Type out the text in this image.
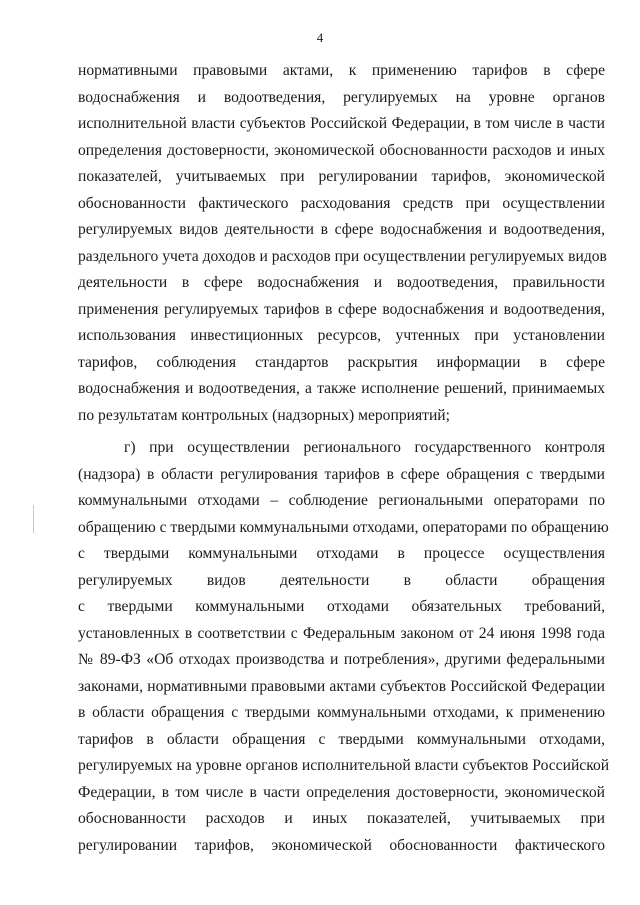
4
нормативными правовыми актами, к применению тарифов в сфере
водоснабжения и водоотведения, регулируемых на уровне органов
исполнительной власти субъектов Российской Федерации, в том числе в части
определения достоверности, экономической обоснованности расходов и иных
показателей, учитываемых при регулировании тарифов, экономической
обоснованности фактического расходования средств при осуществлении
регулируемых видов деятельности в сфере водоснабжения и водоотведения,
раздельного учета доходов и расходов при осуществлении регулируемых видов
деятельности в сфере водоснабжения и водоотведения, правильности
применения регулируемых тарифов в сфере водоснабжения и водоотведения,
использования инвестиционных ресурсов, учтенных при установлении
тарифов, соблюдения стандартов раскрытия информации в сфере
водоснабжения и водоотведения, а также исполнение решений, принимаемых
по результатам контрольных (надзорных) мероприятий;
г) при осуществлении регионального государственного контроля
(надзора) в области регулирования тарифов в сфере обращения с твердыми
коммунальными отходами – соблюдение региональными операторами по
обращению с твердыми коммунальными отходами, операторами по обращению
с твердыми коммунальными отходами в процессе осуществления
регулируемых видов деятельности в области обращения
с твердыми коммунальными отходами обязательных требований,
установленных в соответствии с Федеральным законом от 24 июня 1998 года
№ 89-ФЗ «Об отходах производства и потребления», другими федеральными
законами, нормативными правовыми актами субъектов Российской Федерации
в области обращения с твердыми коммунальными отходами, к применению
тарифов в области обращения с твердыми коммунальными отходами,
регулируемых на уровне органов исполнительной власти субъектов Российской
Федерации, в том числе в части определения достоверности, экономической
обоснованности расходов и иных показателей, учитываемых при
регулировании тарифов, экономической обоснованности фактического
